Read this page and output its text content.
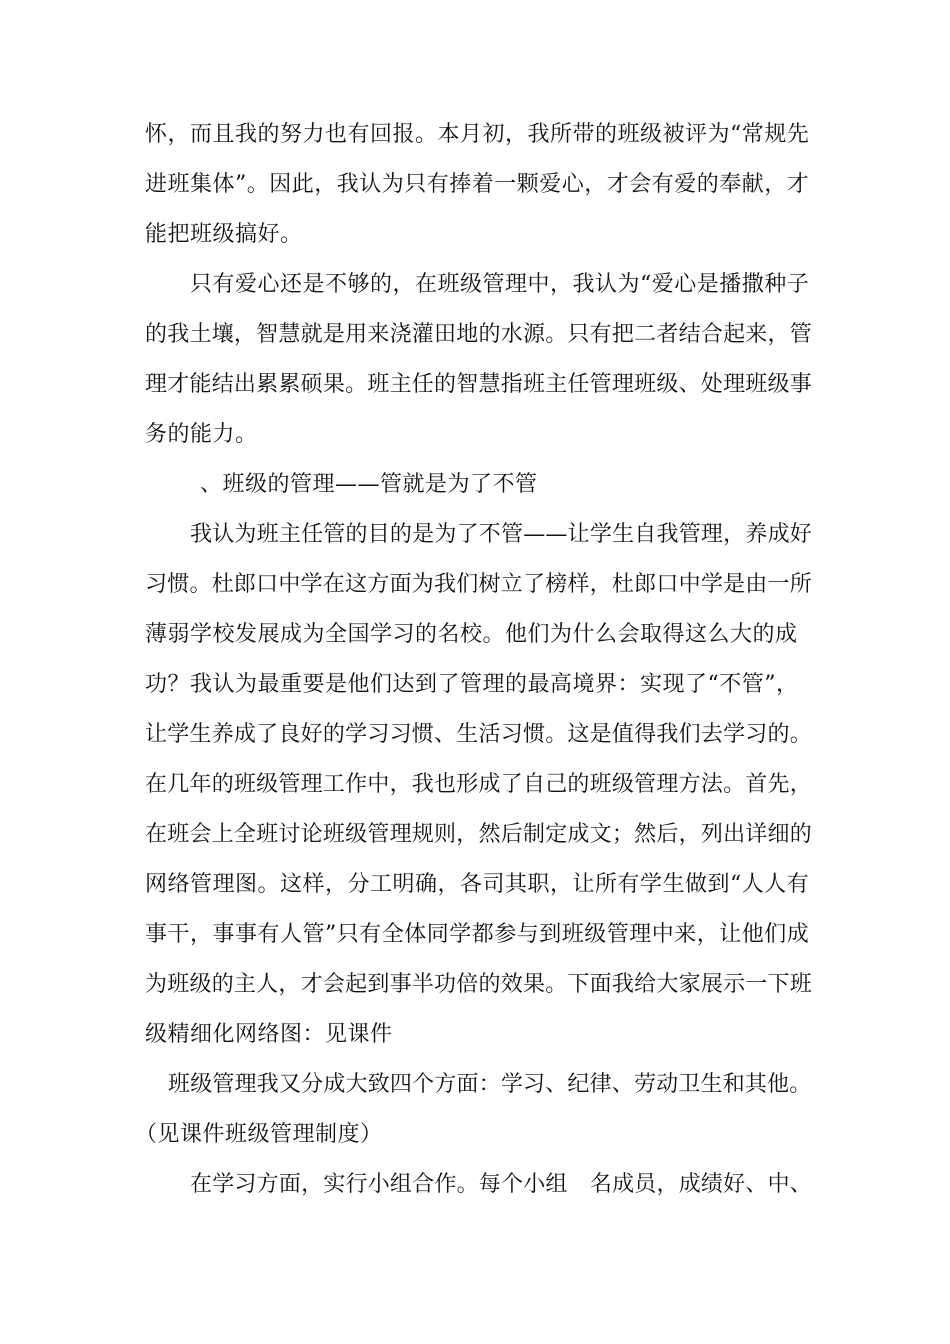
怀，而且我的努力也有回报。本月初，我所带的班级被评为“常规先
进班集体”。因此，我认为只有捧着一颗爱心，才会有爱的奉献，才
能把班级搞好。
只有爱心还是不够的，在班级管理中，我认为“爱心是播撒种子
的我土壤，智慧就是用来浇灌田地的水源。只有把二者结合起来，管
理才能结出累累硕果。班主任的智慧指班主任管理班级、处理班级事
务的能力。
、班级的管理——管就是为了不管
我认为班主任管的目的是为了不管——让学生自我管理，养成好
习惯。杜郎口中学在这方面为我们树立了榜样，杜郎口中学是由一所
薄弱学校发展成为全国学习的名校。他们为什么会取得这么大的成
功？我认为最重要是他们达到了管理的最高境界：实现了“不管”，
让学生养成了良好的学习习惯、生活习惯。这是值得我们去学习的。
在几年的班级管理工作中，我也形成了自己的班级管理方法。首先，
在班会上全班讨论班级管理规则，然后制定成文；然后，列出详细的
网络管理图。这样，分工明确，各司其职，让所有学生做到“人人有
事干，事事有人管”只有全体同学都参与到班级管理中来，让他们成
为班级的主人，才会起到事半功倍的效果。下面我给大家展示一下班
级精细化网络图：见课件
班级管理我又分成大致四个方面：学习、纪律、劳动卫生和其他。
（见课件班级管理制度）
在学习方面，实行小组合作。每个小组　名成员，成绩好、中、
